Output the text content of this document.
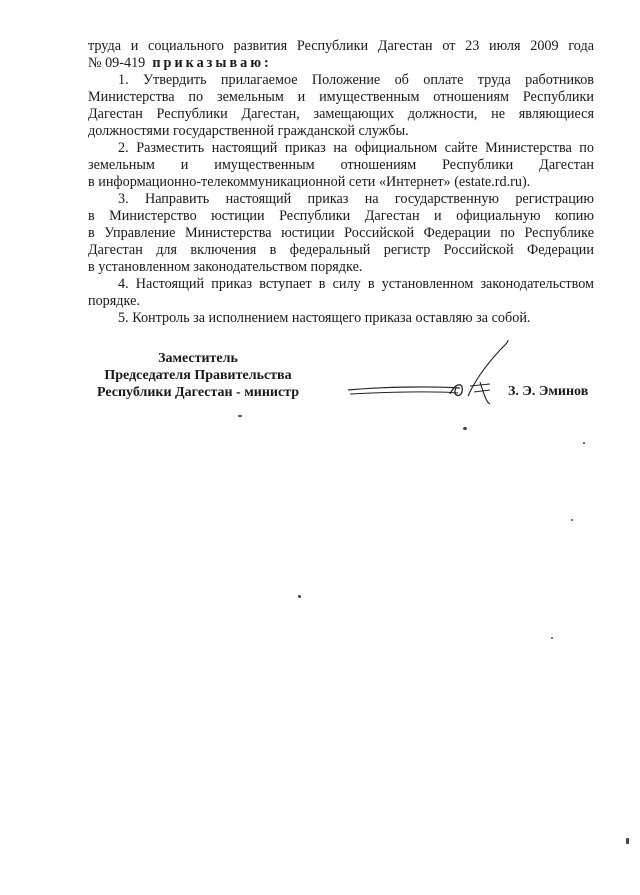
труда и социального развития Республики Дагестан от 23 июля 2009 года
№ 09-419 приказываю:
1. Утвердить прилагаемое Положение об оплате труда работников
Министерства по земельным и имущественным отношениям Республики
Дагестан Республики Дагестан, замещающих должности, не являющиеся
должностями государственной гражданской службы.
2. Разместить настоящий приказ на официальном сайте Министерства по
земельным и имущественным отношениям Республики Дагестан
в информационно-телекоммуникационной сети «Интернет» (estate.rd.ru).
3. Направить настоящий приказ на государственную регистрацию
в Министерство юстиции Республики Дагестан и официальную копию
в Управление Министерства юстиции Российской Федерации по Республике
Дагестан для включения в федеральный регистр Российской Федерации
в установленном законодательством порядке.
4. Настоящий приказ вступает в силу в установленном законодательством
порядке.
5. Контроль за исполнением настоящего приказа оставляю за собой.
Заместитель
Председателя Правительства
Республики Дагестан - министр	З. Э. Эминов
